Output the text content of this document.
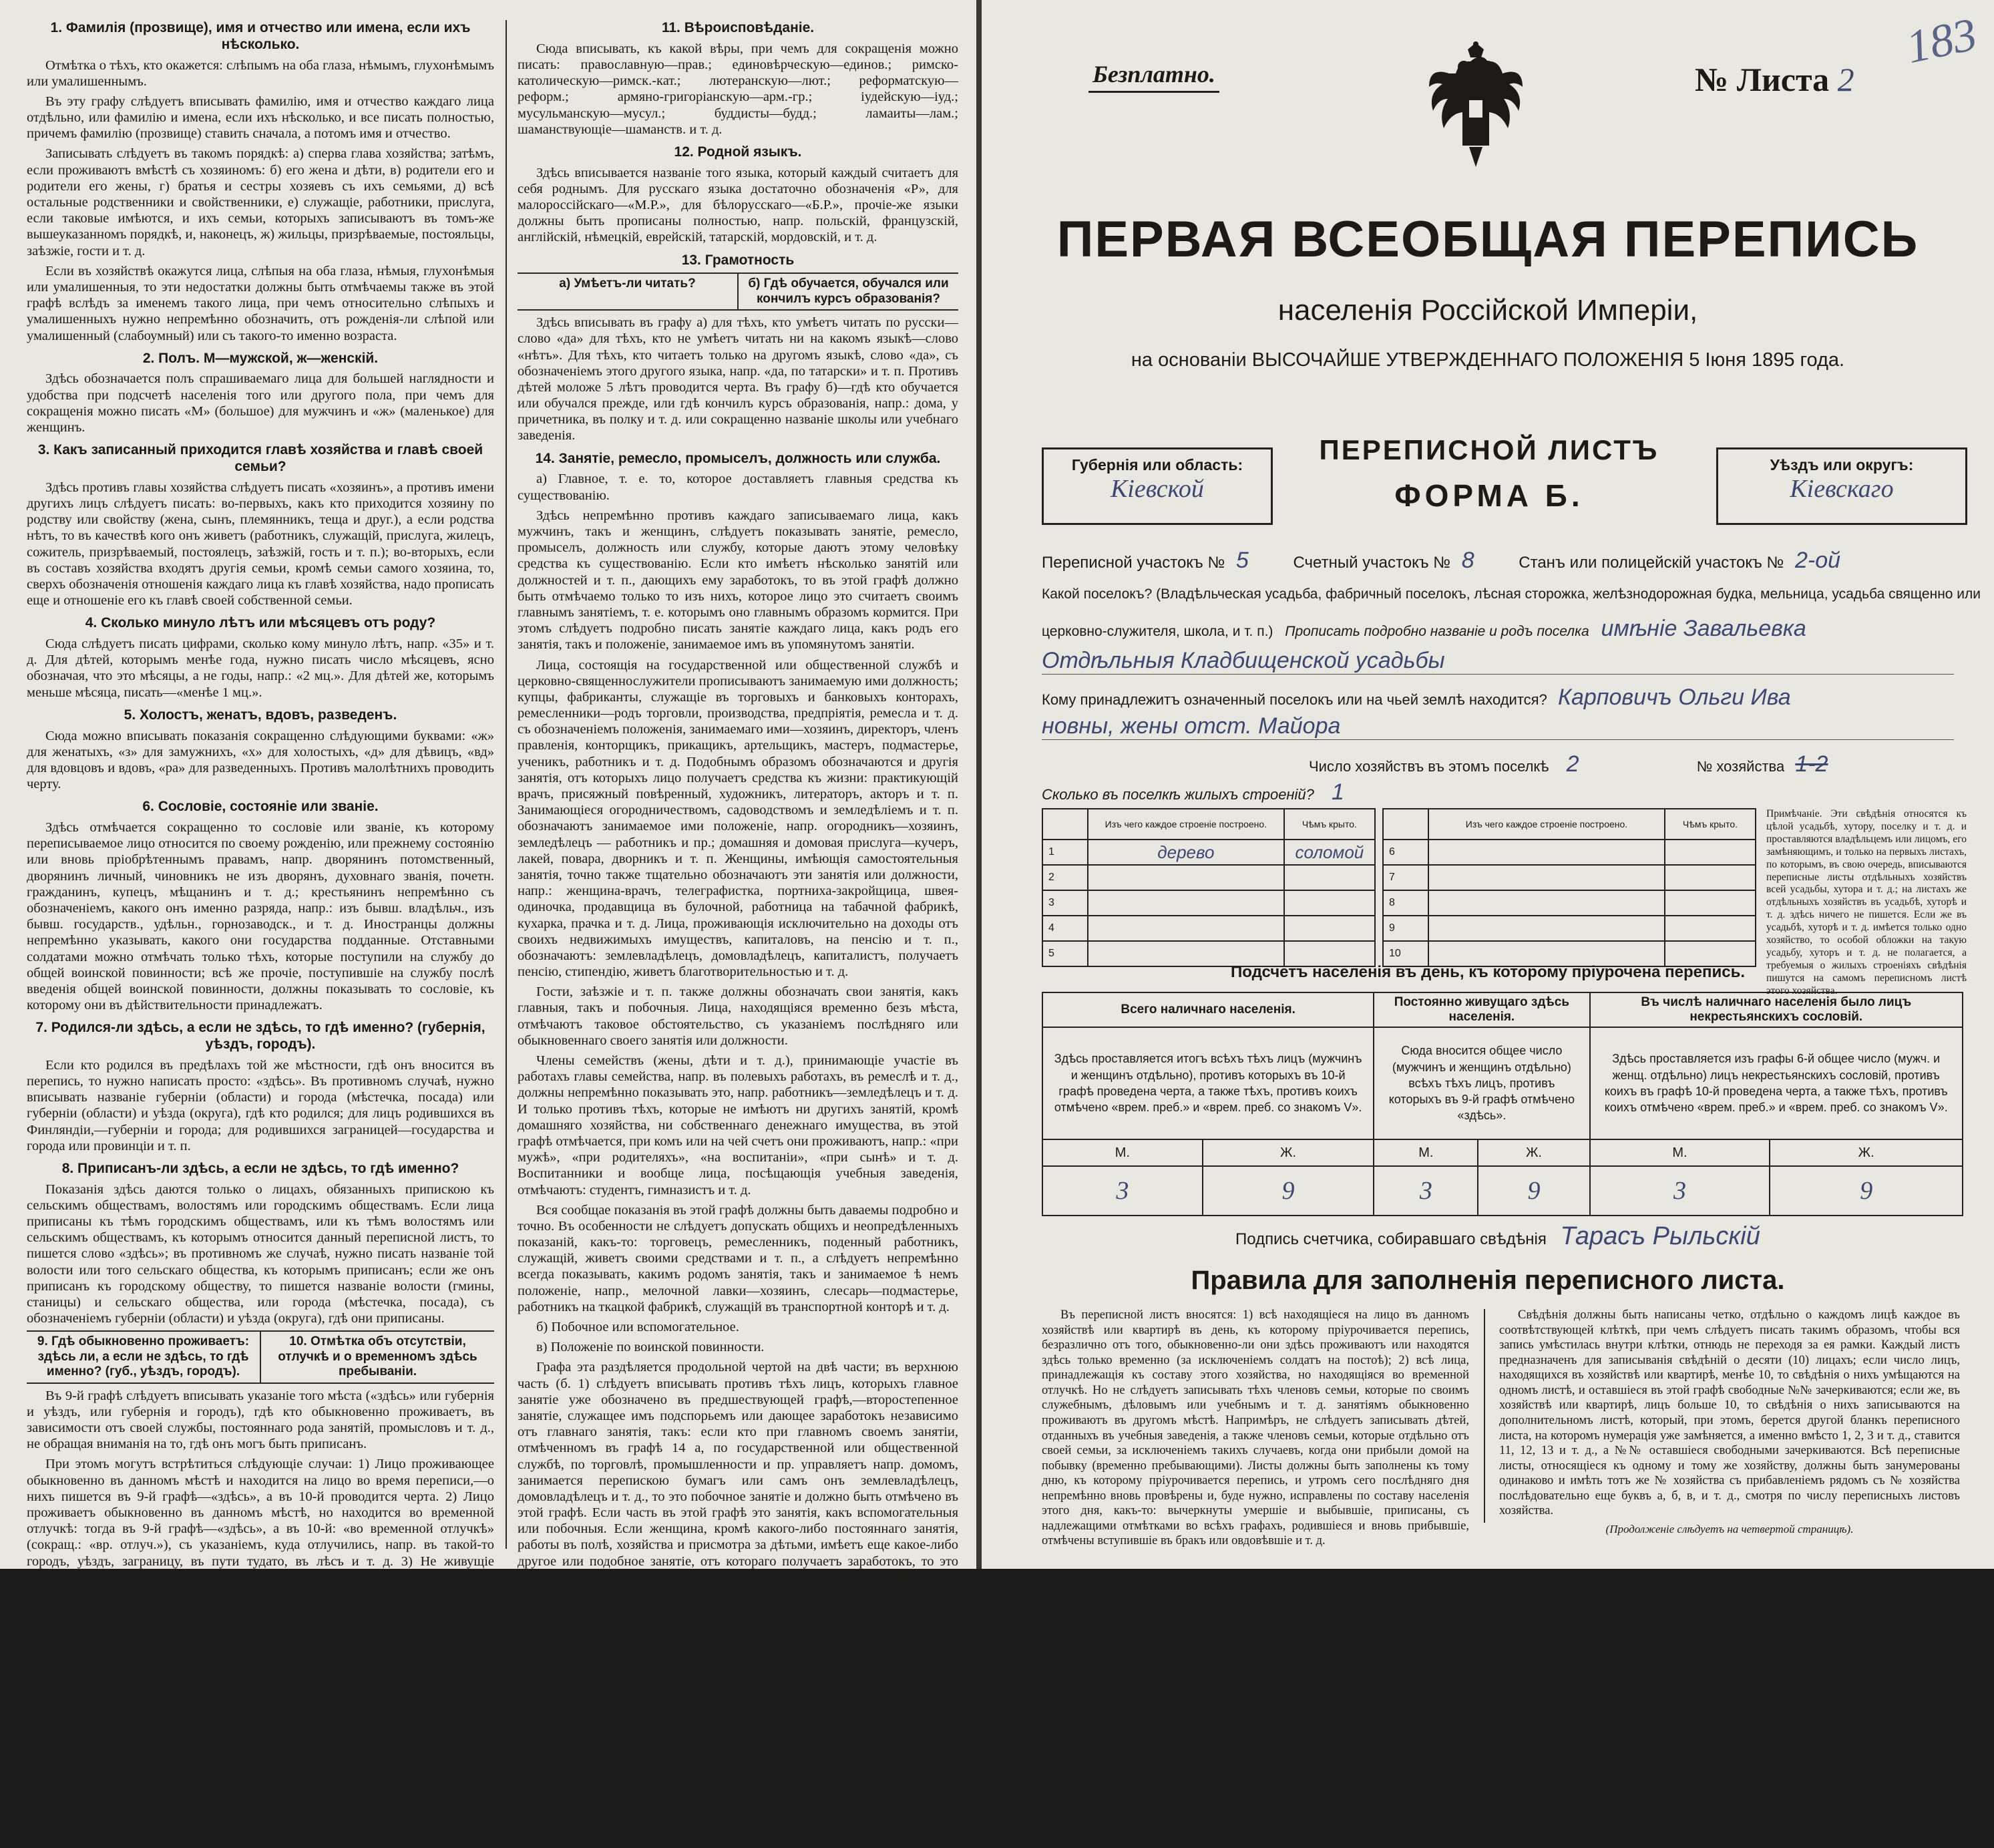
1. Фамилія (прозвище), имя и отчество или имена, если ихъ нѣсколько.

Отмѣтка о тѣхъ, кто окажется: слѣпымъ на оба глаза, нѣмымъ, глухонѣмымъ или умалишеннымъ.

Въ эту графу слѣдуетъ вписывать фамилію, имя и отчество каждаго лица отдѣльно, или фамилію и имена, если ихъ нѣсколько, и все писать полностью, причемъ фамилію (прозвище) ставить сначала, а потомъ имя и отчество.

Записывать слѣдуетъ въ такомъ порядкѣ: а) сперва глава хозяйства; затѣмъ, если проживаютъ вмѣстѣ съ хозяиномъ: б) его жена и дѣти, в) родители его и родители его жены, г) братья и сестры хозяевъ съ ихъ семьями, д) всѣ остальные родственники и свойственники, е) служащіе, работники, прислуга, если таковые имѣются, и ихъ семьи, которыхъ записываютъ въ томъ-же вышеуказанномъ порядкѣ, и, наконецъ, ж) жильцы, призрѣваемые, постояльцы, заѣзжіе, гости и т. д.

Если въ хозяйствѣ окажутся лица, слѣпыя на оба глаза, нѣмыя, глухонѣмыя или умалишенныя, то эти недостатки должны быть отмѣчаемы также въ этой графѣ вслѣдъ за именемъ такого лица, при чемъ относительно слѣпыхъ и умалишенныхъ нужно непремѣнно обозначить, отъ рожденія-ли слѣпой или умалишенный (слабоумный) или съ такого-то именно возраста.

2. Полъ. М—мужской, ж—женскій.

Здѣсь обозначается полъ спрашиваемаго лица для большей наглядности и удобства при подсчетѣ населенія того или другого пола, при чемъ для сокращенія можно писать «М» (большое) для мужчинъ и «ж» (маленькое) для женщинъ.

3. Какъ записанный приходится главѣ хозяйства и главѣ своей семьи?

Здѣсь противъ главы хозяйства слѣдуетъ писать «хозяинъ», а противъ имени другихъ лицъ слѣдуетъ писать: во-первыхъ, какъ кто приходится хозяину по родству или свойству (жена, сынъ, племянникъ, теща и друг.), а если родства нѣтъ, то въ качествѣ кого онъ живетъ (работникъ, служащій, прислуга, жилецъ, сожитель, призрѣваемый, постоялецъ, заѣзжій, гость и т. п.); во-вторыхъ, если въ составъ хозяйства входятъ другія семьи, кромѣ семьи самого хозяина, то, сверхъ обозначенія отношенія каждаго лица къ главѣ хозяйства, надо прописать еще и отношеніе его къ главѣ своей собственной семьи.

4. Сколько минуло лѣтъ или мѣсяцевъ отъ роду?

Сюда слѣдуетъ писать цифрами, сколько кому минуло лѣтъ, напр. «35» и т. д. Для дѣтей, которымъ менѣе года, нужно писать число мѣсяцевъ, ясно обозначая, что это мѣсяцы, а не годы, напр.: «2 мц.». Для дѣтей же, которымъ меньше мѣсяца, писать—«менѣе 1 мц.».

5. Холостъ, женатъ, вдовъ, разведенъ.

Сюда можно вписывать показанія сокращенно слѣдующими буквами: «ж» для женатыхъ, «з» для замужнихъ, «х» для холостыхъ, «д» для дѣвицъ, «вд» для вдовцовъ и вдовъ, «ра» для разведенныхъ. Противъ малолѣтнихъ проводить черту.

6. Сословіе, состояніе или званіе.

Здѣсь отмѣчается сокращенно то сословіе или званіе, къ которому переписываемое лицо относится по своему рожденію, или прежнему состоянію или вновь пріобрѣтеннымъ правамъ, напр. дворянинъ потомственный, дворянинъ личный, чиновникъ не изъ дворянъ, духовнаго званія, почетн. гражданинъ, купецъ, мѣщанинъ и т. д.; крестьянинъ непремѣнно съ обозначеніемъ, какого онъ именно разряда, напр.: изъ бывш. владѣльч., изъ бывш. государств., удѣльн., горнозаводск., и т. д. Иностранцы должны непремѣнно указывать, какого они государства подданные. Отставными солдатами можно отмѣчать только тѣхъ, которые поступили на службу до общей воинской повинности; всѣ же прочіе, поступившіе на службу послѣ введенія общей воинской повинности, должны показывать то сословіе, къ которому они въ дѣйствительности принадлежатъ.

7. Родился-ли здѣсь, а если не здѣсь, то гдѣ именно? (губернія, уѣздъ, городъ).

Если кто родился въ предѣлахъ той же мѣстности, гдѣ онъ вносится въ перепись, то нужно написать просто: «здѣсь». Въ противномъ случаѣ, нужно вписывать названіе губерніи (области) и города (мѣстечка, посада) или губерніи (области) и уѣзда (округа), гдѣ кто родился; для лицъ родившихся въ Финляндіи,—губерніи и города; для родившихся заграницей—государства и города или провинціи и т. п.

8. Приписанъ-ли здѣсь, а если не здѣсь, то гдѣ именно?

Показанія здѣсь даются только о лицахъ, обязанныхъ припискою къ сельскимъ обществамъ, волостямъ или городскимъ обществамъ. Если лица приписаны къ тѣмъ городскимъ обществамъ, или къ тѣмъ волостямъ или сельскимъ обществамъ, къ которымъ относится данный переписной листъ, то пишется слово «здѣсь»; въ противномъ же случаѣ, нужно писать названіе той волости или того сельскаго общества, къ которымъ приписанъ; если же онъ приписанъ къ городскому обществу, то пишется названіе волости (гмины, станицы) и сельскаго общества, или города (мѣстечка, посада), съ обозначеніемъ губерніи (области) и уѣзда (округа), гдѣ они приписаны.

9. Гдѣ обыкновенно проживаетъ: здѣсь ли, а если не здѣсь, то гдѣ именно? (губ., уѣздъ, городъ).
10. Отмѣтка объ отсутствіи, отлучкѣ и о временномъ здѣсь пребываніи.

Въ 9-й графѣ слѣдуетъ вписывать указаніе того мѣста («здѣсь» или губернія и уѣздъ, или губернія и городъ), гдѣ кто обыкновенно проживаетъ, въ зависимости отъ своей службы, постояннаго рода занятій, промысловъ и т. д., не обращая вниманія на то, гдѣ онъ могъ быть приписанъ.

При этомъ могутъ встрѣтиться слѣдующіе случаи: 1) Лицо проживающее обыкновенно въ данномъ мѣстѣ и находится на лицо во время переписи,—о нихъ пишется въ 9-й графѣ—«здѣсь», а въ 10-й проводится черта. 2) Лицо проживаетъ обыкновенно въ данномъ мѣстѣ, но находится во временной отлучкѣ: тогда въ 9-й графѣ—«здѣсь», а въ 10-й: «во временной отлучкѣ» (сокращ.: «вр. отлуч.»), съ указаніемъ, куда отлучились, напр. въ такой-то городъ, уѣздъ, заграницу, въ пути тудато, въ лѣсъ и т. д. 3) Не живущіе обыкновенно въ данномъ мѣстѣ, а находящіеся въ немъ только кратковременно — торговцы, служебныя лица и иные, гости и т. д.: о нихъ пишется въ 9-й графѣ мѣсто ихъ обыкновеннаго проживанія — губернія и уѣздъ (округъ), городъ, а въ 10-й графѣ: «во временномъ пребываніи» (сокращ. «врем. преб.»). О лицахъ временно отлучившихся или временно пребывающихъ въ срокъ менѣе 5 дней, въ графу вмѣсто отмѣтки о врем. отлуч. и врем. преб. прибавляютъ отмѣтку знакомъ V.

11. Вѣроисповѣданіе.

Сюда вписывать, къ какой вѣры, при чемъ для сокращенія можно писать: православную—прав.; единовѣрческую—единов.; римско-католическую—римск.-кат.; лютеранскую—лют.; реформатскую—реформ.; армяно-григоріанскую—арм.-гр.; іудейскую—іуд.; мусульманскую—мусул.; буддисты—будд.; ламаиты—лам.; шаманствующіе—шаманств. и т. д.

12. Родной языкъ.

Здѣсь вписывается названіе того языка, который каждый считаетъ для себя роднымъ. Для русскаго языка достаточно обозначенія «Р», для малороссійскаго—«М.Р.», для бѣлорусскаго—«Б.Р.», прочіе-же языки должны быть прописаны полностью, напр. польскій, французскій, англійскій, нѣмецкій, еврейскій, татарскій, мордовскій, и т. д.

13. Грамотность
а) Умѣетъ-ли читать?	б) Гдѣ обучается, обучался или кончилъ курсъ образованія?

Здѣсь вписывать въ графу а) для тѣхъ, кто умѣетъ читать по русски—слово «да» для тѣхъ, кто не умѣетъ читать ни на какомъ языкѣ—слово «нѣтъ». Для тѣхъ, кто читаетъ только на другомъ языкѣ, слово «да», съ обозначеніемъ этого другого языка, напр. «да, по татарски» и т. п. Противъ дѣтей моложе 5 лѣтъ проводится черта. Въ графу б)—гдѣ кто обучается или обучался прежде, или гдѣ кончилъ курсъ образованія, напр.: дома, у причетника, въ полку и т. д. или сокращенно названіе школы или учебнаго заведенія.

14. Занятіе, ремесло, промыселъ, должность или служба.

а) Главное, т. е. то, которое доставляетъ главныя средства къ существованію.

Здѣсь непремѣнно противъ каждаго записываемаго лица, какъ мужчинъ, такъ и женщинъ, слѣдуетъ показывать занятіе, ремесло, промыселъ, должность или службу, которые даютъ этому человѣку средства къ существованію. Если кто имѣетъ нѣсколько занятій или должностей и т. п., дающихъ ему заработокъ, то въ этой графѣ должно быть отмѣчаемо только то изъ нихъ, которое лицо это считаетъ своимъ главнымъ занятіемъ, т. е. которымъ оно главнымъ образомъ кормится. При этомъ слѣдуетъ подробно писать занятіе каждаго лица, какъ родъ его занятія, такъ и положеніе, занимаемое имъ въ упомянутомъ занятіи.

Лица, состоящія на государственной или общественной службѣ и церковно-священнослужители прописываютъ занимаемую ими должность; купцы, фабриканты, служащіе въ торговыхъ и банковыхъ конторахъ, ремесленники—родъ торговли, производства, предпріятія, ремесла и т. д. съ обозначеніемъ положенія, занимаемаго ими—хозяинъ, директоръ, членъ правленія, конторщикъ, прикащикъ, артельщикъ, мастеръ, подмастерье, ученикъ, работникъ и т. д. Подобнымъ образомъ обозначаются и другія занятія, отъ которыхъ лицо получаетъ средства къ жизни: практикующій врачъ, присяжный повѣренный, художникъ, литераторъ, акторъ и т. п. Занимающіеся огородничествомъ, садоводствомъ и земледѣліемъ и т. п. обозначаютъ занимаемое ими положеніе, напр. огородникъ—хозяинъ, земледѣлецъ — работникъ и пр.; домашняя и домовая прислуга—кучеръ, лакей, повара, дворникъ и т. п. Женщины, имѣющія самостоятельныя занятія, точно также тщательно обозначаютъ эти занятія или должности, напр.: женщина-врачъ, телеграфистка, портниха-закройщица, швея-одиночка, продавщица въ булочной, работница на табачной фабрикѣ, кухарка, прачка и т. д. Лица, проживающія исключительно на доходы отъ своихъ недвижимыхъ имуществъ, капиталовъ, на пенсію и т. п., обозначаютъ: землевладѣлецъ, домовладѣлецъ, капиталистъ, получаетъ пенсію, стипендію, живетъ благотворительностью и т. д.

Гости, заѣзжіе и т. п. также должны обозначать свои занятія, какъ главныя, такъ и побочныя. Лица, находящіяся временно безъ мѣста, отмѣчаютъ таковое обстоятельство, съ указаніемъ послѣдняго или обыкновеннаго своего занятія или должности.

Члены семействъ (жены, дѣти и т. д.), принимающіе участіе въ работахъ главы семейства, напр. въ полевыхъ работахъ, въ ремеслѣ и т. д., должны непремѣнно показывать это, напр. работникъ—земледѣлецъ и т. д. И только противъ тѣхъ, которые не имѣютъ ни другихъ занятій, кромѣ домашняго хозяйства, ни собственнаго денежнаго имущества, въ этой графѣ отмѣчается, при комъ или на чей счетъ они проживаютъ, напр.: «при мужѣ», «при родителяхъ», «на воспитаніи», «при сынѣ» и т. д. Воспитанники и вообще лица, посѣщающія учебныя заведенія, отмѣчаютъ: студентъ, гимназистъ и т. д.

Вся сообщае показанія въ этой графѣ должны быть даваемы подробно и точно. Въ особенности не слѣдуетъ допускать общихъ и неопредѣленныхъ показаній, какъ-то: торговецъ, ремесленникъ, поденный работникъ, служащій, живетъ своими средствами и т. п., а слѣдуетъ непремѣнно всегда показывать, какимъ родомъ занятія, такъ и занимаемое ѣ немъ положеніе, напр., мелочной лавки—хозяинъ, слесарь—подмастерье, работникъ на ткацкой фабрикѣ, служащій въ транспортной конторѣ и т. д.

б) Побочное или вспомогательное.

в) Положеніе по воинской повинности.

Графа эта раздѣляется продольной чертой на двѣ части; въ верхнюю часть (б. 1) слѣдуетъ вписывать противъ тѣхъ лицъ, которыхъ главное занятіе уже обозначено въ предшествующей графѣ,—второстепенное занятіе, служащее имъ подспорьемъ или дающее заработокъ независимо отъ главнаго занятія, такъ: если кто при главномъ своемъ занятіи, отмѣченномъ въ графѣ 14 а, по государственной или общественной службѣ, по торговлѣ, промышленности и пр. управляетъ напр. домомъ, занимается перепискою бумагъ или самъ онъ землевладѣлецъ, домовладѣлецъ и т. д., то это побочное занятіе и должно быть отмѣчено въ этой графѣ. Если часть въ этой графѣ это занятія, какъ вспомогательныя или побочныя. Если женщина, кромѣ какого-либо постояннаго занятія, работы въ полѣ, хозяйства и присмотра за дѣтьми, имѣетъ еще какое-либо другое или подобное занятіе, отъ котораго получаетъ заработокъ, то это должно быть особенно тщательно обозначено въ этой графѣ, напр.: плететъ кружева, вышиваетъ полотенца и т. д. При этомъ особенное вниманіе должно быть обращено на тѣ промыслы, которыми занимается много лицъ въ данной мѣстности.

Сверхъ занятій, отмѣченныхъ въ графахъ 14 а и б (б. 1), въ нижней части графы б (б. 2) должны быть отмѣчаемы: 1) офицеры, чиновники, врачи и нижніе чины въ запасъ арміи и флота (офицеры съ указаніемъ чина и рода оружія, генералы—только чина), напр. ген.-м. запасъ, шт.-кап. запасъ пѣх., полк. зап. кав., чиновн. зап., врачъ зап., нижн. чинъ зап.; 2) офицеры и нижніе чины казачьихъ войскъ въ льготѣ или нижніе чины въ запасѣ, а также офицеры войскъ на льготѣ съ обозначеніемъ названія войска и чина, напр. Сиб. лег. каз., Ур. льг. войск. с. т. ; 3) ратники ополченія 1-го разр., причисленные при наборѣ прямо въ ополченіе, отмѣчаются: рат. 1 разр., ратники, перечисленные изъ запаса—рат. быв. зап.; 4) отставные офицеры — такимъ же образомъ, какъ запасные и льготные офицеры напр.: отст. ген.-з., отст. пѣх. капит., Уссур. отст. есаулъ и т. д.

Безплатно.	№ Листа 2
183
ПЕРВАЯ ВСЕОБЩАЯ ПЕРЕПИСЬ
населенія Россійской Имперіи,
на основаніи ВЫСОЧАЙШЕ УТВЕРЖДЕННАГО ПОЛОЖЕНІЯ 5 Іюня 1895 года.
Губернія или область:
Кіевской
ПЕРЕПИСНОЙ ЛИСТЪ
ФОРМА Б.
Уѣздъ или округъ:
Кіевскаго
Переписной участокъ № 5	Счетный участокъ № 8	Станъ или полицейскій участокъ № 2-ой
Какой поселокъ? (Владѣльческая усадьба, фабричный поселокъ, лѣсная сторожка, желѣзнодорожная будка, мельница, усадьба священно или
церковно-служителя, школа, и т. п.) Прописать подробно названіе и родъ поселка имѣніе Завальевка
Отдѣльныя Кладбищенской усадьбы
Кому принадлежитъ означенный поселокъ или на чьей землѣ находится? Карповичъ Ольги Ива
новны, жены отст. Майора
Число хозяйствъ въ этомъ поселкѣ 2	№ хозяйства 1-2
Сколько въ поселкѣ жилыхъ строеній? 1
	Изъ чего каждое строеніе построено.	Чѣмъ крыто.
1	дерево	соломой
2		
3		
4		
5		
	Изъ чего каждое строеніе построено.	Чѣмъ крыто.
6		
7		
8		
9		
10		
Примѣчаніе. Эти свѣдѣнія относятся къ цѣлой усадьбѣ, хутору, поселку и т. д. и проставляются владѣльцемъ или лицомъ, его замѣняющимъ, и только на первыхъ листахъ, по которымъ, въ свою очередь, вписываются переписные листы отдѣльныхъ хозяйствъ всей усадьбы, хутора и т. д.; на листахъ же отдѣльныхъ хозяйствъ въ усадьбѣ, хуторѣ и т. д. здѣсь ничего не пишется. Если же въ усадьбѣ, хуторѣ и т. д. имѣется только одно хозяйство, то особой обложки на такую усадьбу, хуторъ и т. д. не полагается, а требуемыя о жилыхъ строеніяхъ свѣдѣнія пишутся на самомъ переписномъ листѣ этого хозяйства.
Подсчетъ населенія въ день, къ которому пріурочена перепись.
Всего наличнаго населенія.		Постоянно живущаго здѣсь населенія.		Въ числѣ наличнаго населенія было лицъ некрестьянскихъ сословій.	
Здѣсь проставляется итогъ всѣхъ тѣхъ лицъ (мужчинъ и женщинъ отдѣльно), противъ которыхъ въ 10-й графѣ проведена черта, а также тѣхъ, противъ коихъ отмѣчено «врем. преб.» и «врем. преб. со знакомъ V».		Сюда вносится общее число (мужчинъ и женщинъ отдѣльно) всѣхъ тѣхъ лицъ, противъ которыхъ въ 9-й графѣ отмѣчено «здѣсь».		Здѣсь проставляется изъ графы 6-й общее число (мужч. и женщ. отдѣльно) лицъ некрестьянскихъ сословій, противъ коихъ въ графѣ 10-й проведена черта, а также тѣхъ, противъ коихъ отмѣчено «врем. преб.» и «врем. преб. со знакомъ V».	
М.	Ж.	М.	Ж.	М.	Ж.
3	9	3	9	3	9
Подпись счетчика, собиравшаго свѣдѣнія Тарасъ Рыльскій
Правила для заполненія переписного листа.

Въ переписной листъ вносятся: 1) всѣ находящіеся на лицо въ данномъ хозяйствѣ или квартирѣ въ день, къ которому пріурочивается перепись, безразлично отъ того, обыкновенно-ли они здѣсь проживаютъ или находятся здѣсь только временно (за исключеніемъ солдатъ на постоѣ); 2) всѣ лица, принадлежащія къ составу этого хозяйства, но находящіяся во временной отлучкѣ. Но не слѣдуетъ записывать тѣхъ членовъ семьи, которые по своимъ служебнымъ, дѣловымъ или учебнымъ и т. д. занятіямъ обыкновенно проживаютъ въ другомъ мѣстѣ. Напримѣръ, не слѣдуетъ записывать дѣтей, отданныхъ въ учебныя заведенія, а также членовъ семьи, которые отдѣльно отъ своей семьи, за исключеніемъ такихъ случаевъ, когда они прибыли домой на побывку (временно пребывающими). Листы должны быть заполнены къ тому дню, къ которому пріурочивается перепись, и утромъ сего послѣдняго дня непремѣнно вновь провѣрены и, буде нужно, исправлены по составу населенія этого дня, какъ-то: вычеркнуты умершіе и выбывшіе, приписаны, съ надлежащими отмѣтками во всѣхъ графахъ, родившіеся и вновь прибывшіе, отмѣчены вступившіе въ бракъ или овдовѣвшіе и т. д.

Свѣдѣнія должны быть написаны четко, отдѣльно о каждомъ лицѣ каждое въ соотвѣтствующей клѣткѣ, при чемъ слѣдуетъ писать такимъ образомъ, чтобы вся запись умѣстилась внутри клѣтки, отнюдь не переходя за ея рамки. Каждый листъ предназначенъ для записыванія свѣдѣній о десяти (10) лицахъ; если число лицъ, находящихся въ хозяйствѣ или квартирѣ, менѣе 10, то свѣдѣнія о нихъ умѣщаются на одномъ листѣ, и оставшіеся въ этой графѣ свободные №№ зачеркиваются; если же, въ хозяйствѣ или квартирѣ, лицъ больше 10, то свѣдѣнія о нихъ записываются на дополнительномъ листѣ, который, при этомъ, берется другой бланкъ переписного листа, на которомъ нумерація уже замѣняется, а именно вмѣсто 1, 2, 3 и т. д., ставится 11, 12, 13 и т. д., а №№ оставшіеся свободными зачеркиваются. Всѣ переписные листы, относящіеся къ одному и тому же хозяйству, должны быть занумерованы одинаково и имѣть тотъ же № хозяйства съ прибавленіемъ рядомъ съ № хозяйства послѣдовательно еще буквъ а, б, в, и т. д., смотря по числу переписныхъ листовъ хозяйства.

(Продолженіе слѣдуетъ на четвертой страницѣ).
